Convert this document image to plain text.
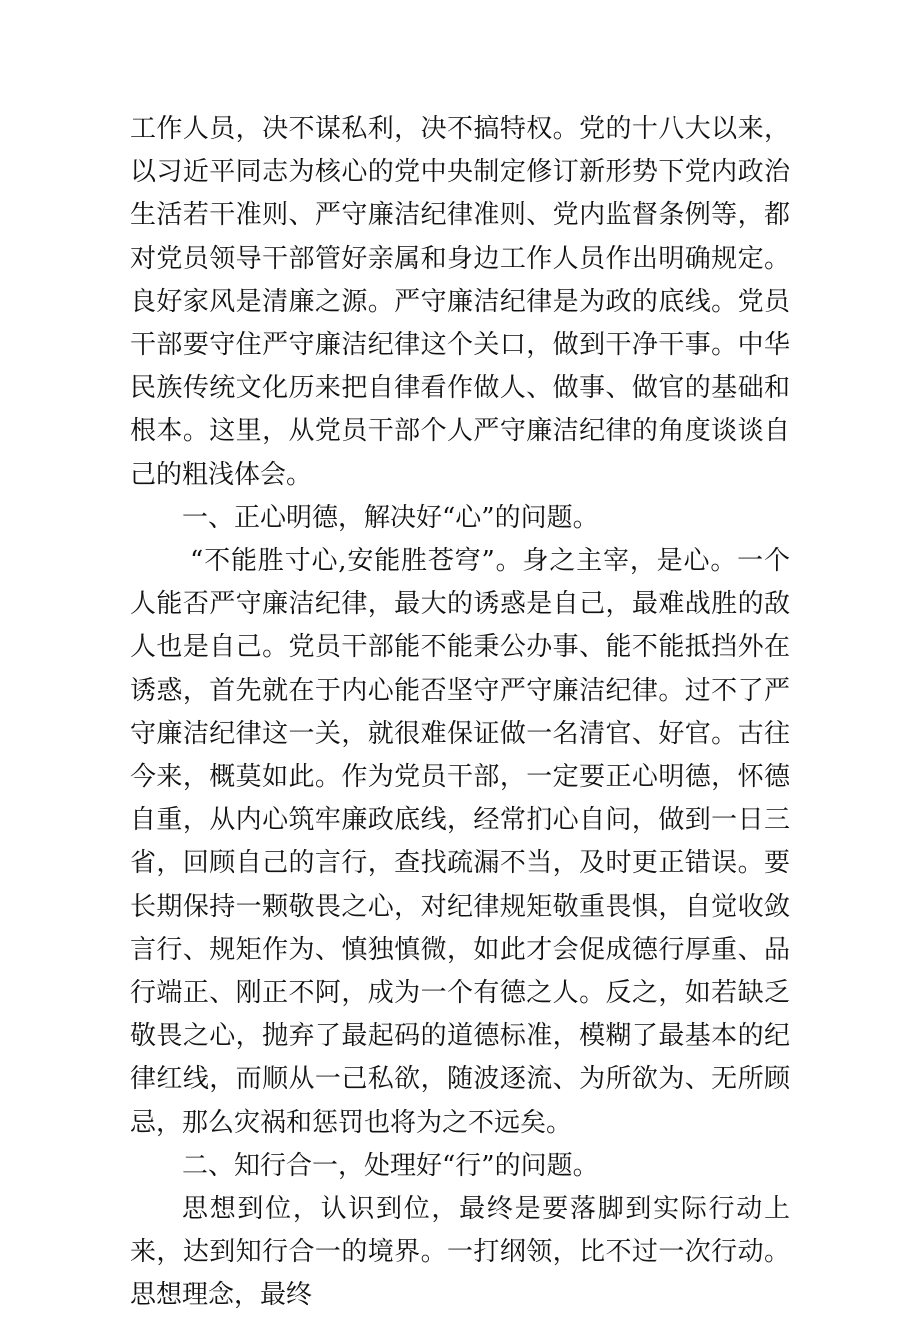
工作人员，决不谋私利，决不搞特权。党的十八大以来，以习近平同志为核心的党中央制定修订新形势下党内政治生活若干准则、严守廉洁纪律准则、党内监督条例等，都对党员领导干部管好亲属和身边工作人员作出明确规定。良好家风是清廉之源。严守廉洁纪律是为政的底线。党员干部要守住严守廉洁纪律这个关口，做到干净干事。中华民族传统文化历来把自律看作做人、做事、做官的基础和根本。这里，从党员干部个人严守廉洁纪律的角度谈谈自己的粗浅体会。

一、正心明德，解决好“心”的问题。

“不能胜寸心,安能胜苍穹”。身之主宰，是心。一个人能否严守廉洁纪律，最大的诱惑是自己，最难战胜的敌人也是自己。党员干部能不能秉公办事、能不能抵挡外在诱惑，首先就在于内心能否坚守严守廉洁纪律。过不了严守廉洁纪律这一关，就很难保证做一名清官、好官。古往今来，概莫如此。作为党员干部，一定要正心明德，怀德自重，从内心筑牢廉政底线，经常扪心自问，做到一日三省，回顾自己的言行，查找疏漏不当，及时更正错误。要长期保持一颗敬畏之心，对纪律规矩敬重畏惧，自觉收敛言行、规矩作为、慎独慎微，如此才会促成德行厚重、品行端正、刚正不阿，成为一个有德之人。反之，如若缺乏敬畏之心，抛弃了最起码的道德标准，模糊了最基本的纪律红线，而顺从一己私欲，随波逐流、为所欲为、无所顾忌，那么灾祸和惩罚也将为之不远矣。

二、知行合一，处理好“行”的问题。

思想到位，认识到位，最终是要落脚到实际行动上来，达到知行合一的境界。一打纲领，比不过一次行动。思想理念，最终
